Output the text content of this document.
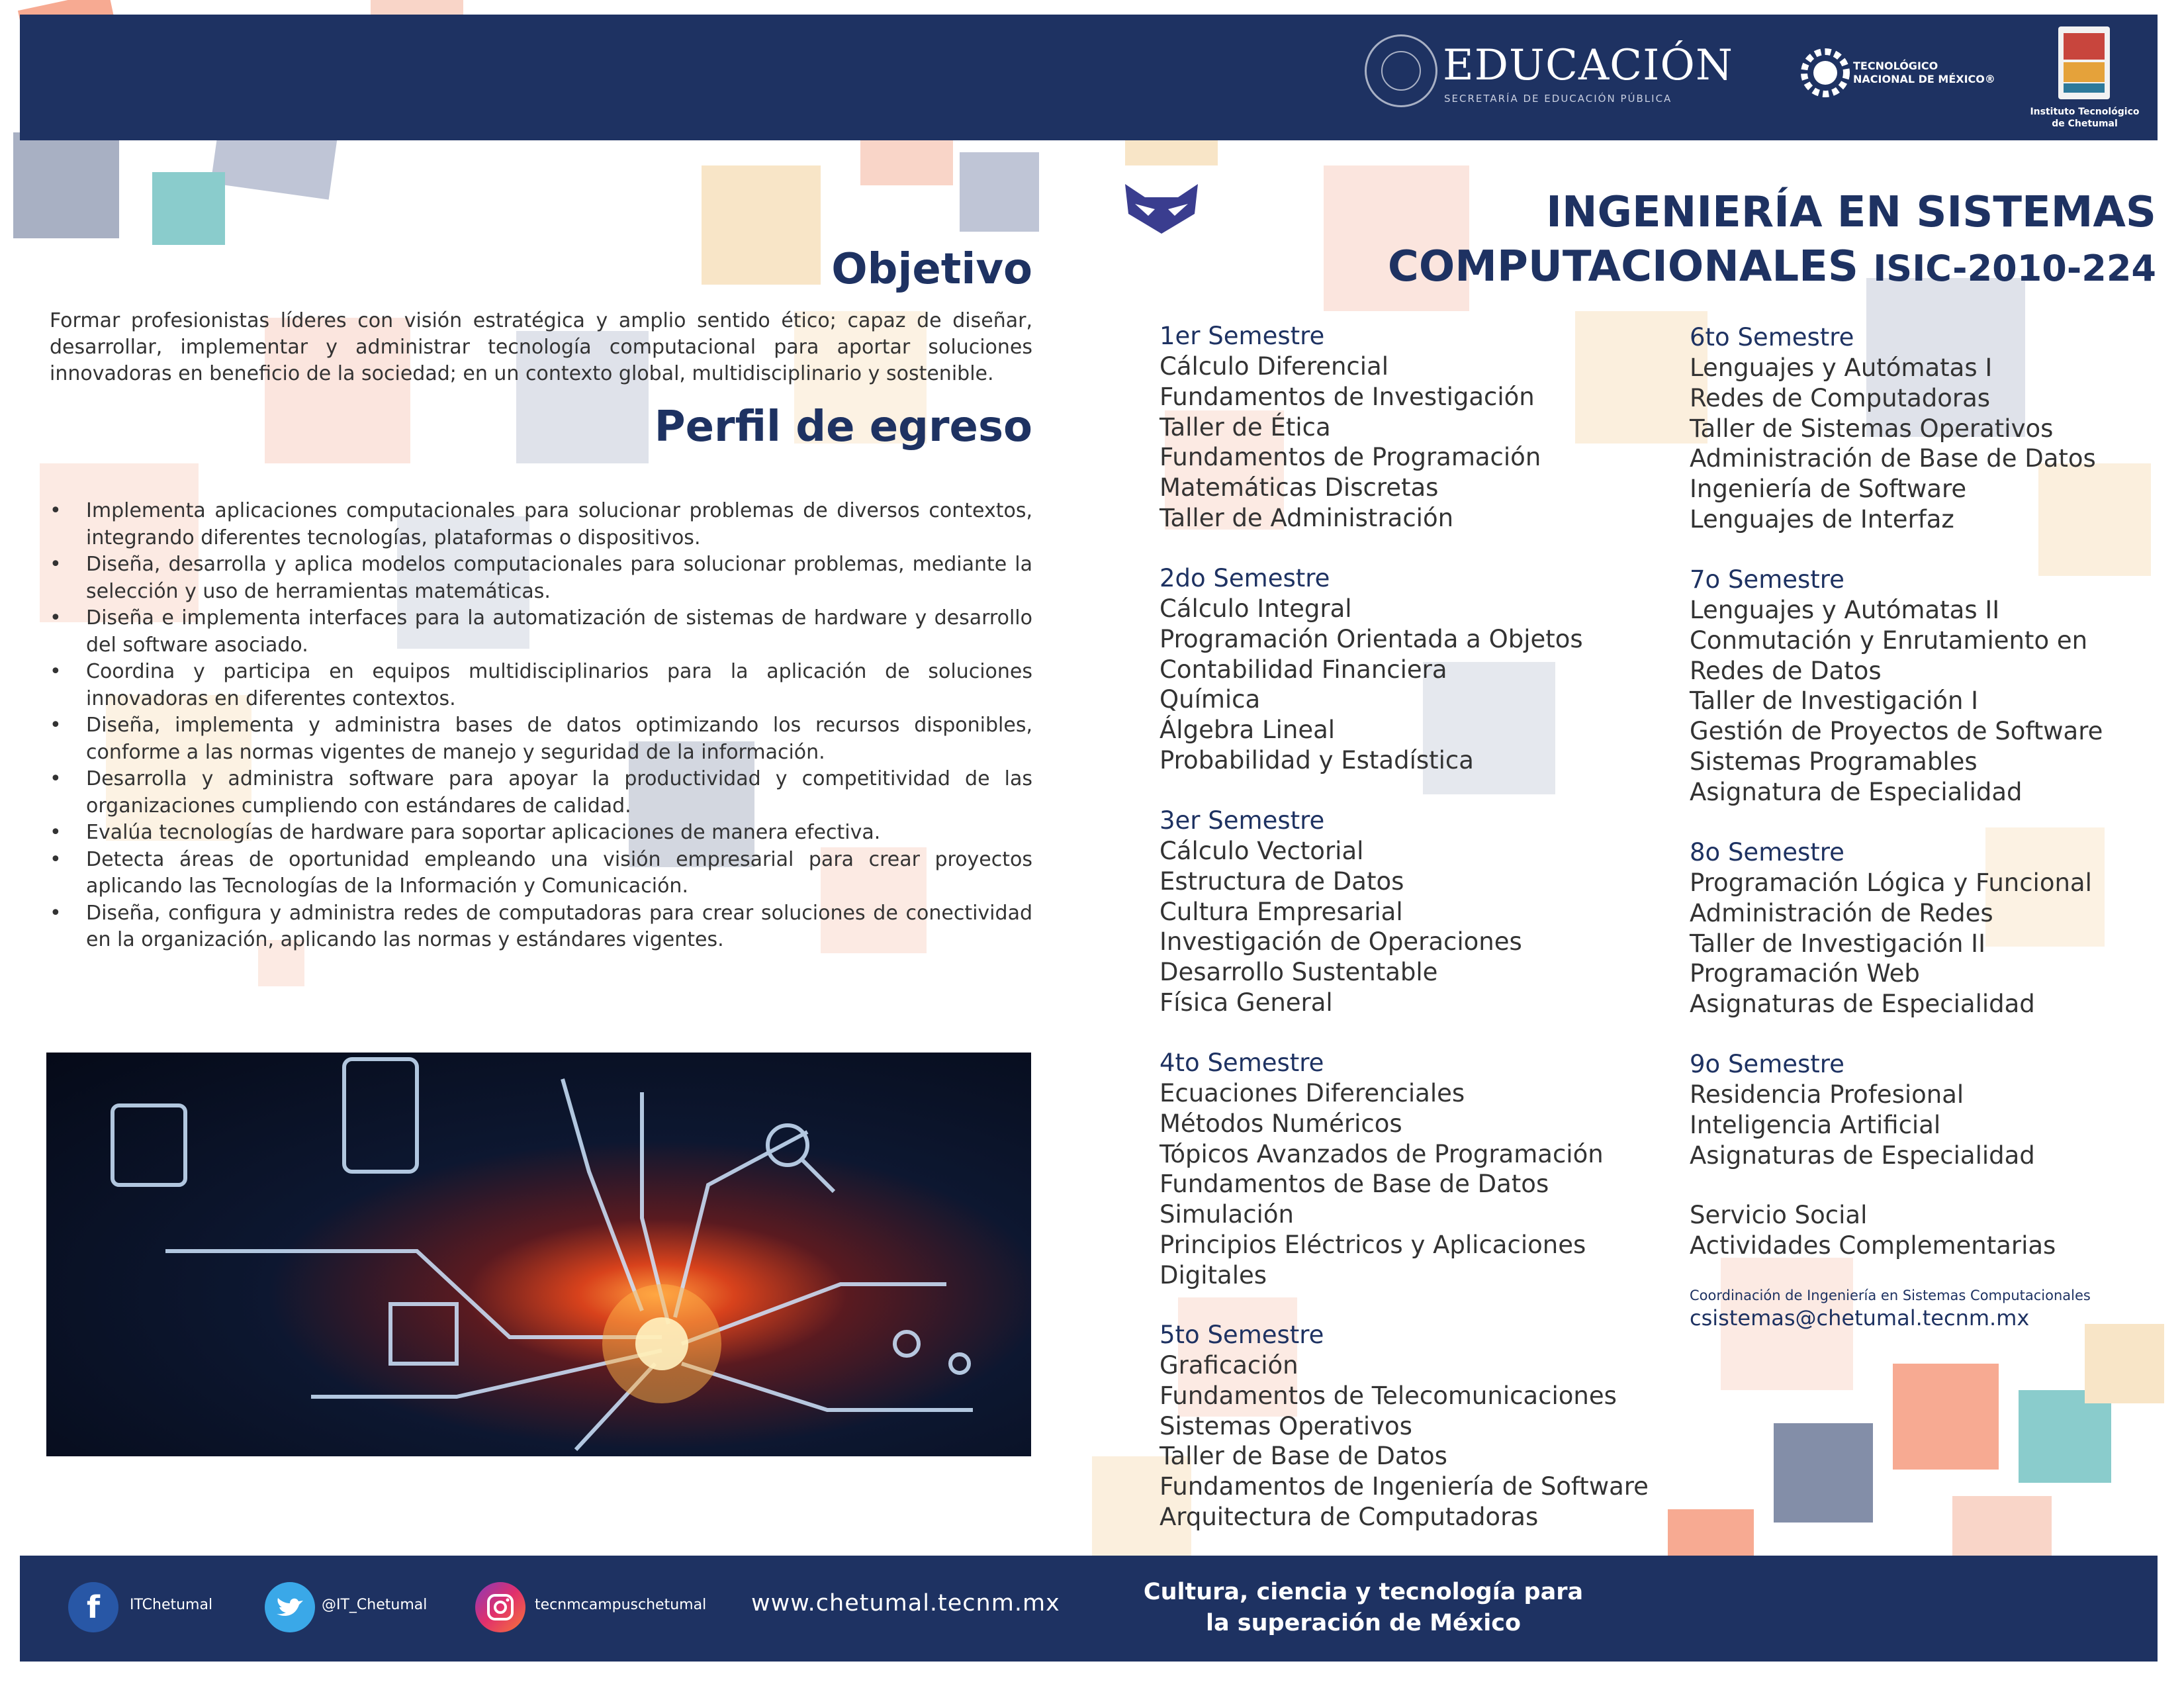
EDUCACIÓN
SECRETARÍA DE EDUCACIÓN PÚBLICA
TECNOLÓGICO
NACIONAL DE MÉXICO®
Instituto Tecnológico
de Chetumal
Objetivo
Formar profesionistas líderes con visión estratégica y amplio sentido ético; capaz de diseñar, desarrollar, implementar y administrar tecnología computacional para aportar soluciones innovadoras en beneficio de la sociedad; en un contexto global, multidisciplinario y sostenible.
Perfil de egreso
• Implementa aplicaciones computacionales para solucionar problemas de diversos contextos, integrando diferentes tecnologías, plataformas o dispositivos.
• Diseña, desarrolla y aplica modelos computacionales para solucionar problemas, mediante la selección y uso de herramientas matemáticas.
• Diseña e implementa interfaces para la automatización de sistemas de hardware y desarrollo del software asociado.
• Coordina y participa en equipos multidisciplinarios para la aplicación de soluciones innovadoras en diferentes contextos.
• Diseña, implementa y administra bases de datos optimizando los recursos disponibles, conforme a las normas vigentes de manejo y seguridad de la información.
• Desarrolla y administra software para apoyar la productividad y competitividad de las organizaciones cumpliendo con estándares de calidad.
• Evalúa tecnologías de hardware para soportar aplicaciones de manera efectiva.
• Detecta áreas de oportunidad empleando una visión empresarial para crear proyectos aplicando las Tecnologías de la Información y Comunicación.
• Diseña, configura y administra redes de computadoras para crear soluciones de conectividad en la organización, aplicando las normas y estándares vigentes.
INGENIERÍA EN SISTEMAS
COMPUTACIONALES ISIC-2010-224
1er Semestre
Cálculo Diferencial
Fundamentos de Investigación
Taller de Ética
Fundamentos de Programación
Matemáticas Discretas
Taller de Administración
2do Semestre
Cálculo Integral
Programación Orientada a Objetos
Contabilidad Financiera
Química
Álgebra Lineal
Probabilidad y Estadística
3er Semestre
Cálculo Vectorial
Estructura de Datos
Cultura Empresarial
Investigación de Operaciones
Desarrollo Sustentable
Física General
4to Semestre
Ecuaciones Diferenciales
Métodos Numéricos
Tópicos Avanzados de Programación
Fundamentos de Base de Datos
Simulación
Principios Eléctricos y Aplicaciones
Digitales
5to Semestre
Graficación
Fundamentos de Telecomunicaciones
Sistemas Operativos
Taller de Base de Datos
Fundamentos de Ingeniería de Software
Arquitectura de Computadoras
6to Semestre
Lenguajes y Autómatas I
Redes de Computadoras
Taller de Sistemas Operativos
Administración de Base de Datos
Ingeniería de Software
Lenguajes de Interfaz
7o Semestre
Lenguajes y Autómatas II
Conmutación y Enrutamiento en
Redes de Datos
Taller de Investigación I
Gestión de Proyectos de Software
Sistemas Programables
Asignatura de Especialidad
8o Semestre
Programación Lógica y Funcional
Administración de Redes
Taller de Investigación II
Programación Web
Asignaturas de Especialidad
9o Semestre
Residencia Profesional
Inteligencia Artificial
Asignaturas de Especialidad
Servicio Social
Actividades Complementarias
Coordinación de Ingeniería en Sistemas Computacionales
csistemas@chetumal.tecnm.mx
f	ITChetumal	@IT_Chetumal	tecnmcampuschetumal www.chetumal.tecnm.mx	Cultura, ciencia y tecnología para
la superación de México
